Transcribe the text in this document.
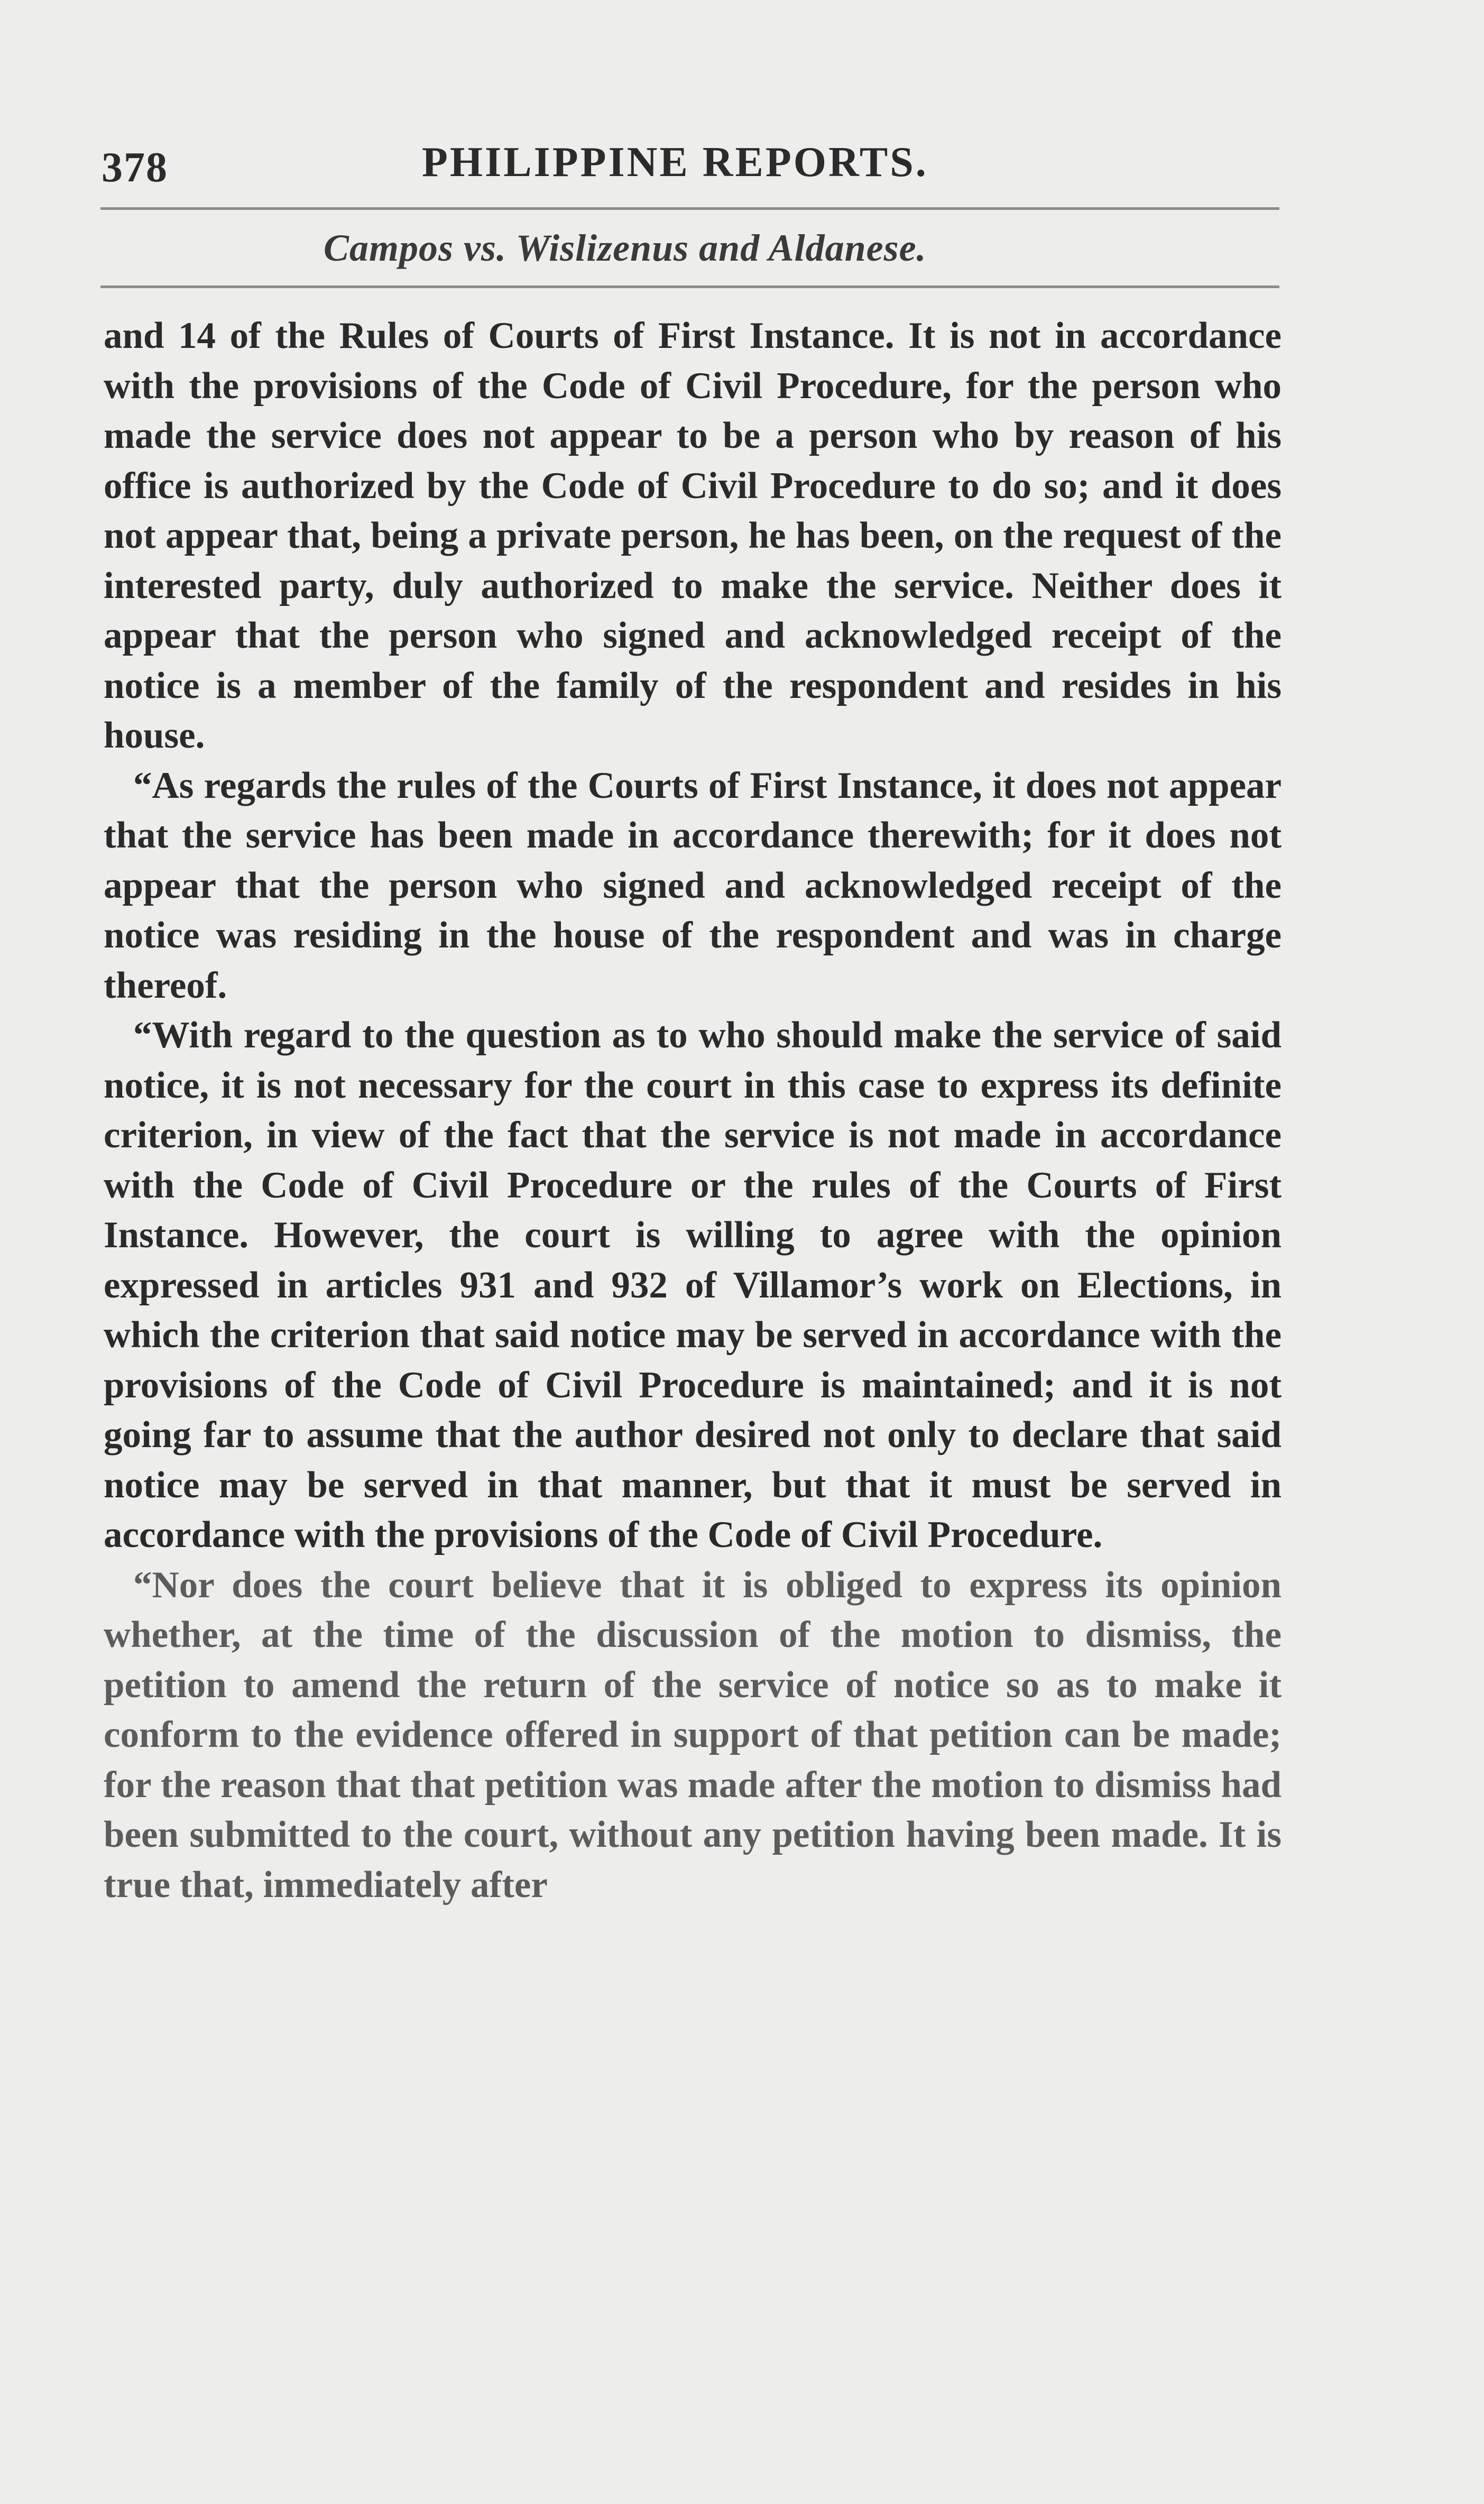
378	PHILIPPINE REPORTS.
Campos vs. Wislizenus and Aldanese.

and 14 of the Rules of Courts of First Instance. It is not in accordance with the provisions of the Code of Civil Procedure, for the person who made the service does not appear to be a person who by reason of his office is authorized by the Code of Civil Procedure to do so; and it does not appear that, being a private person, he has been, on the request of the interested party, duly authorized to make the service. Neither does it appear that the person who signed and acknowledged receipt of the notice is a member of the family of the respondent and resides in his house.

“As regards the rules of the Courts of First Instance, it does not appear that the service has been made in accordance therewith; for it does not appear that the person who signed and acknowledged receipt of the notice was residing in the house of the respondent and was in charge thereof.

“With regard to the question as to who should make the service of said notice, it is not necessary for the court in this case to express its definite criterion, in view of the fact that the service is not made in accordance with the Code of Civil Procedure or the rules of the Courts of First Instance. However, the court is willing to agree with the opinion expressed in articles 931 and 932 of Villamor’s work on Elections, in which the criterion that said notice may be served in accordance with the provisions of the Code of Civil Procedure is maintained; and it is not going far to assume that the author desired not only to declare that said notice may be served in that manner, but that it must be served in accordance with the provisions of the Code of Civil Procedure.

“Nor does the court believe that it is obliged to express its opinion whether, at the time of the discussion of the motion to dismiss, the petition to amend the return of the service of notice so as to make it conform to the evidence offered in support of that petition can be made; for the reason that that petition was made after the motion to dismiss had been submitted to the court, without any petition having been made. It is true that, immediately after
